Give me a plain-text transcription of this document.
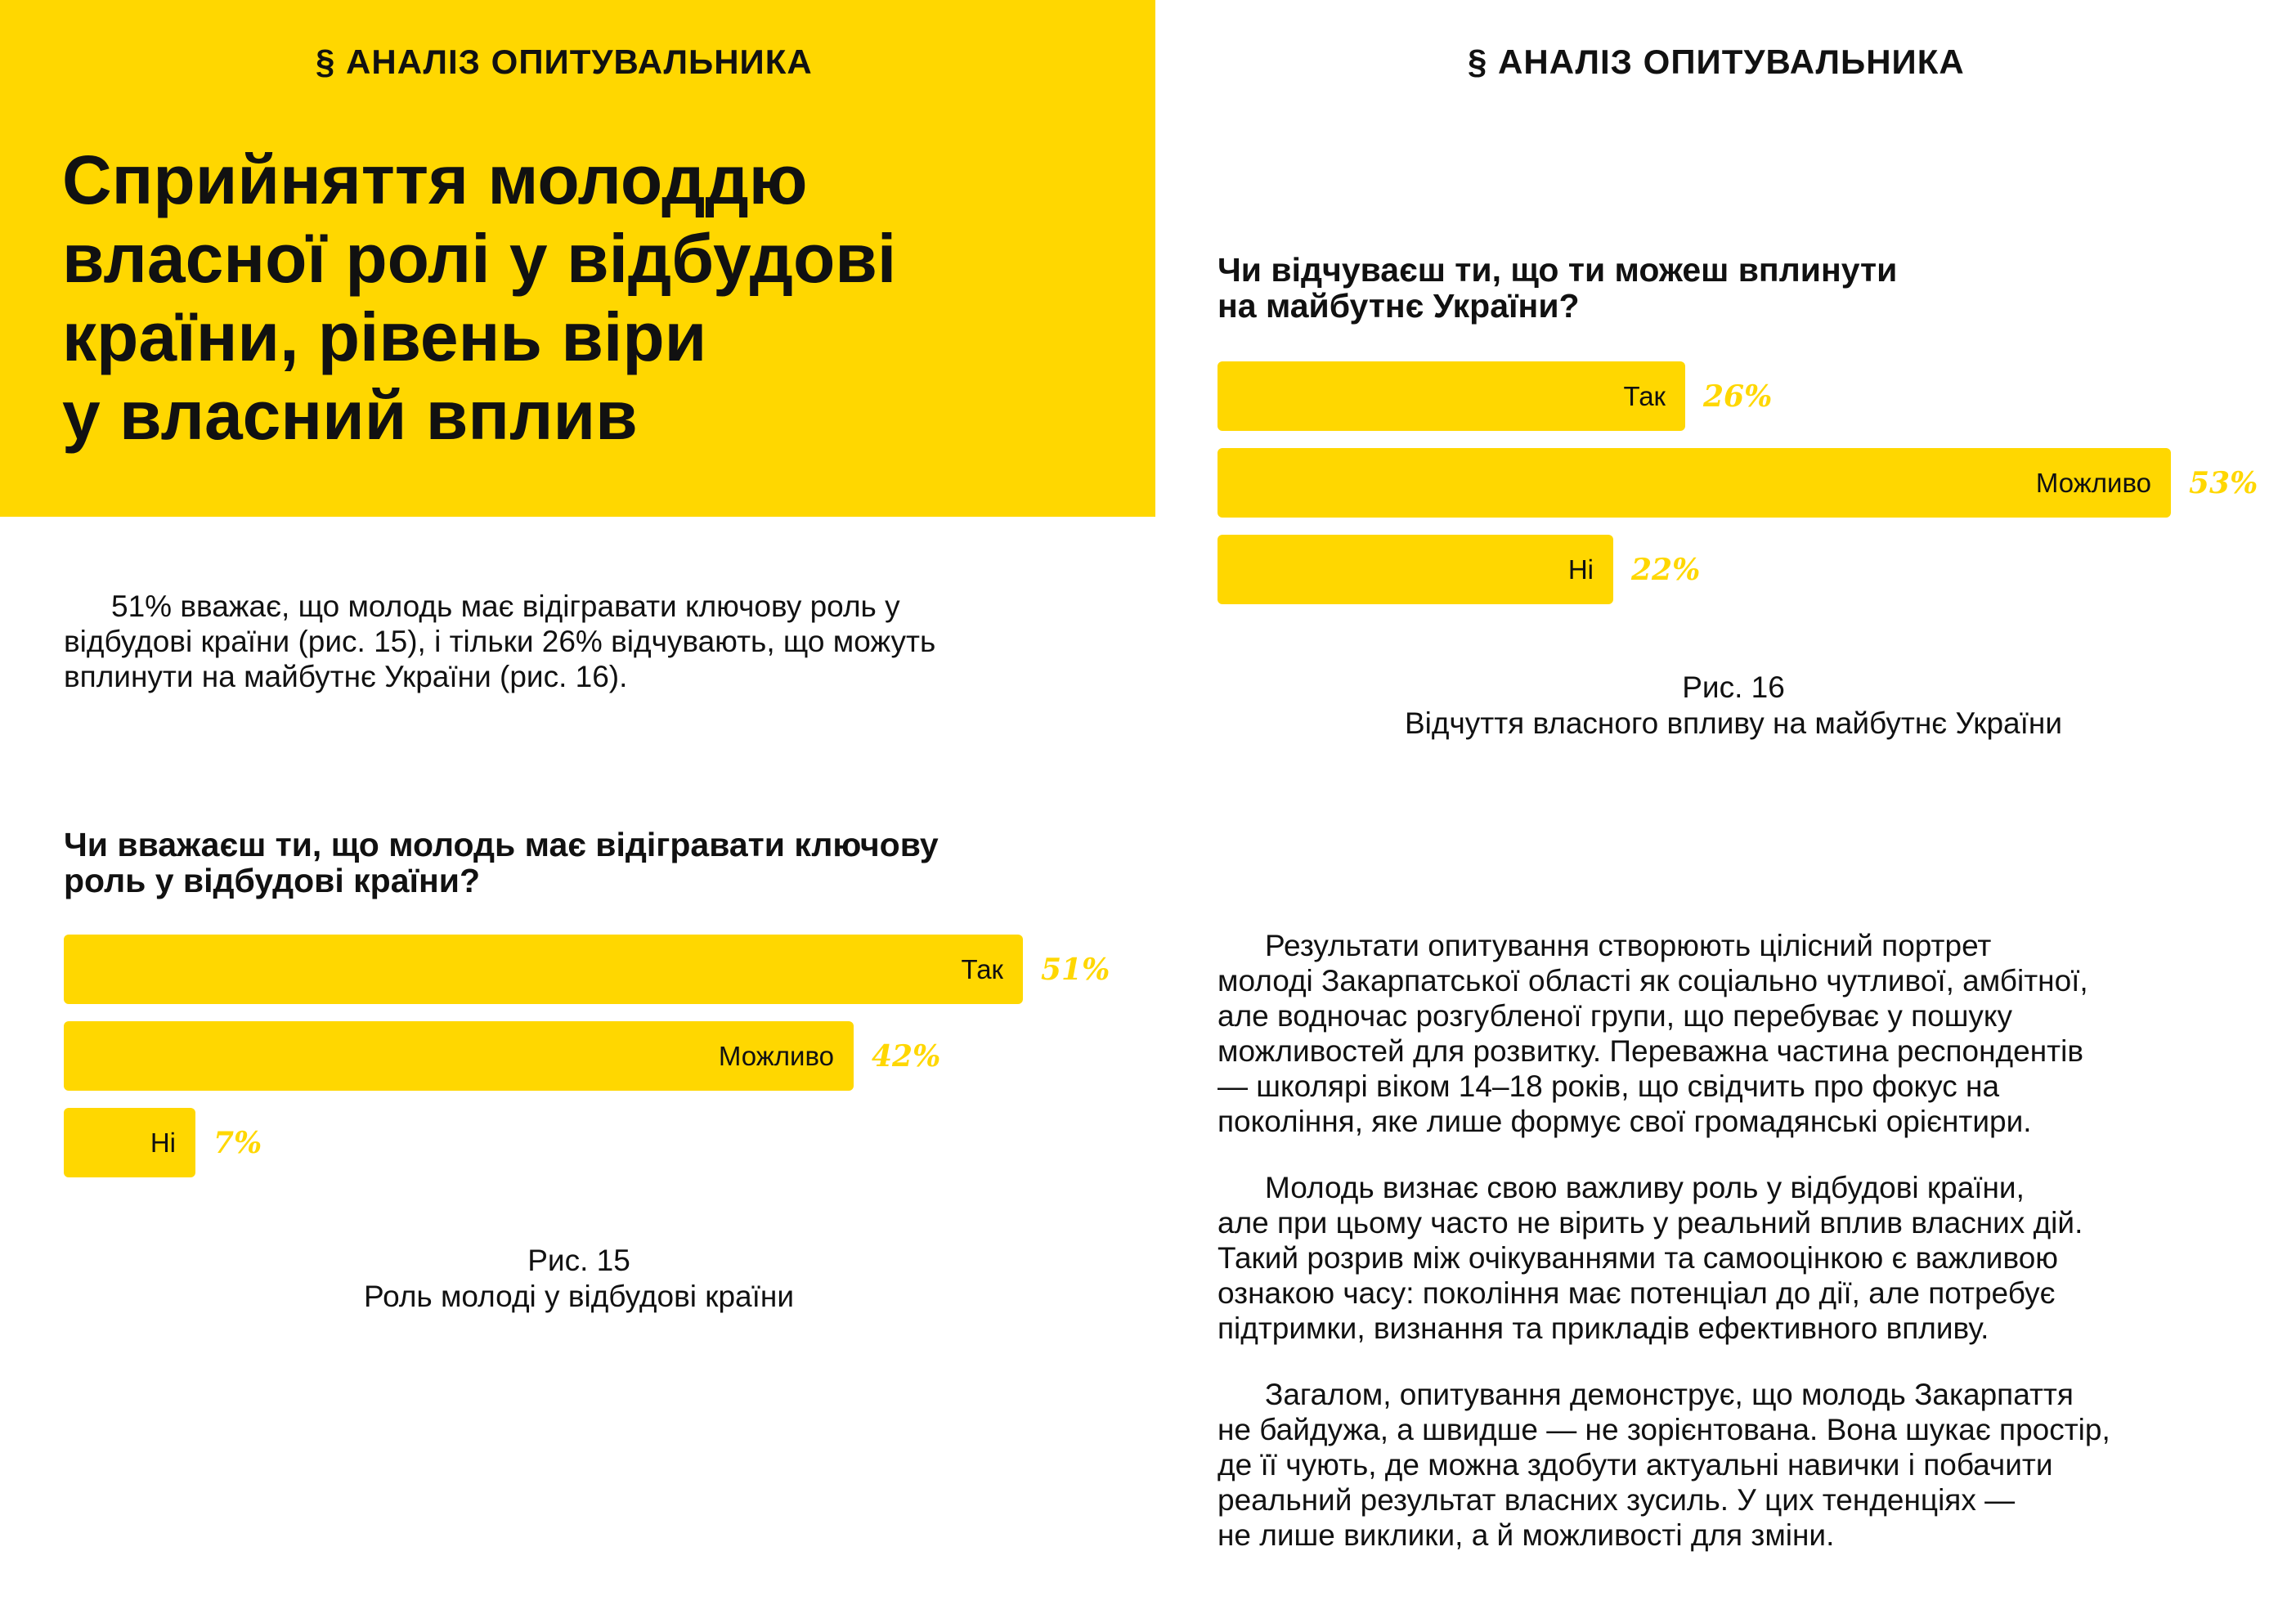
§ АНАЛІЗ ОПИТУВАЛЬНИКА
Сприйняття молоддю
власної ролі у відбудові
країни, рівень віри
у власний вплив
51% вважає, що молодь має відігравати ключову роль у
відбудові країни (рис. 15), і тільки 26% відчувають, що можуть
вплинути на майбутнє України (рис. 16).
Чи вважаєш ти, що молодь має відігравати ключову
роль у відбудові країни?
Так 51%
Можливо 42%
Ні 7%
Рис. 15
Роль молоді у відбудові країни
§ АНАЛІЗ ОПИТУВАЛЬНИКА
Чи відчуваєш ти, що ти можеш вплинути
на майбутнє України?
Так 26%
Можливо 53%
Ні 22%
Рис. 16
Відчуття власного впливу на майбутнє України
Результати опитування створюють цілісний портрет
молоді Закарпатської області як соціально чутливої, амбітної,
але водночас розгубленої групи, що перебуває у пошуку
можливостей для розвитку. Переважна частина респондентів
— школярі віком 14–18 років, що свідчить про фокус на
покоління, яке лише формує свої громадянські орієнтири.
Молодь визнає свою важливу роль у відбудові країни,
але при цьому часто не вірить у реальний вплив власних дій.
Такий розрив між очікуваннями та самооцінкою є важливою
ознакою часу: покоління має потенціал до дії, але потребує
підтримки, визнання та прикладів ефективного впливу.
Загалом, опитування демонструє, що молодь Закарпаття
не байдужа, а швидше — не зорієнтована. Вона шукає простір,
де її чують, де можна здобути актуальні навички і побачити
реальний результат власних зусиль. У цих тенденціях —
не лише виклики, а й можливості для зміни.
